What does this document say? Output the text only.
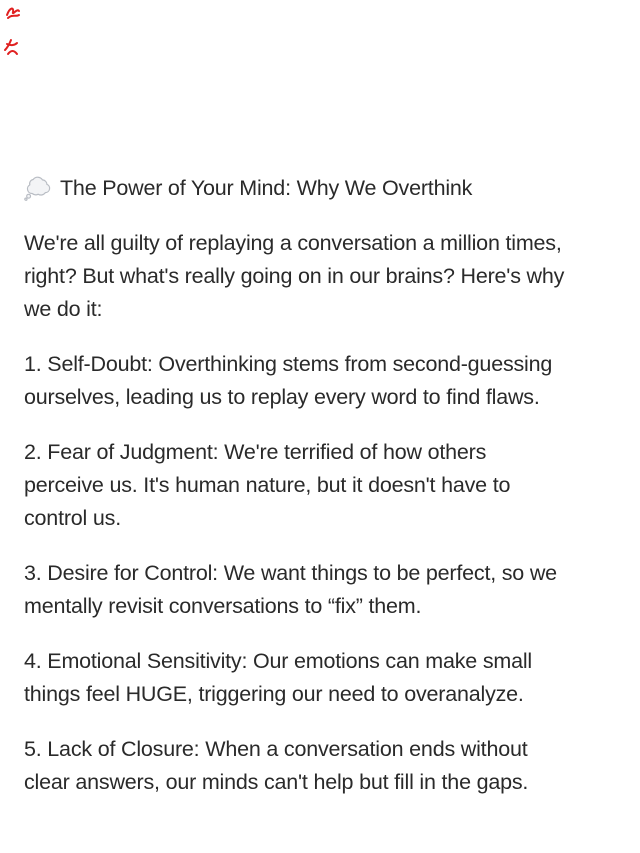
The Power of Your Mind: Why We Overthink
We're all guilty of replaying a conversation a million times,
right? But what's really going on in our brains? Here's why
we do it:
1. Self-Doubt: Overthinking stems from second-guessing
ourselves, leading us to replay every word to find flaws.
2. Fear of Judgment: We're terrified of how others
perceive us. It's human nature, but it doesn't have to
control us.
3. Desire for Control: We want things to be perfect, so we
mentally revisit conversations to “fix” them.
4. Emotional Sensitivity: Our emotions can make small
things feel HUGE, triggering our need to overanalyze.
5. Lack of Closure: When a conversation ends without
clear answers, our minds can't help but fill in the gaps.
